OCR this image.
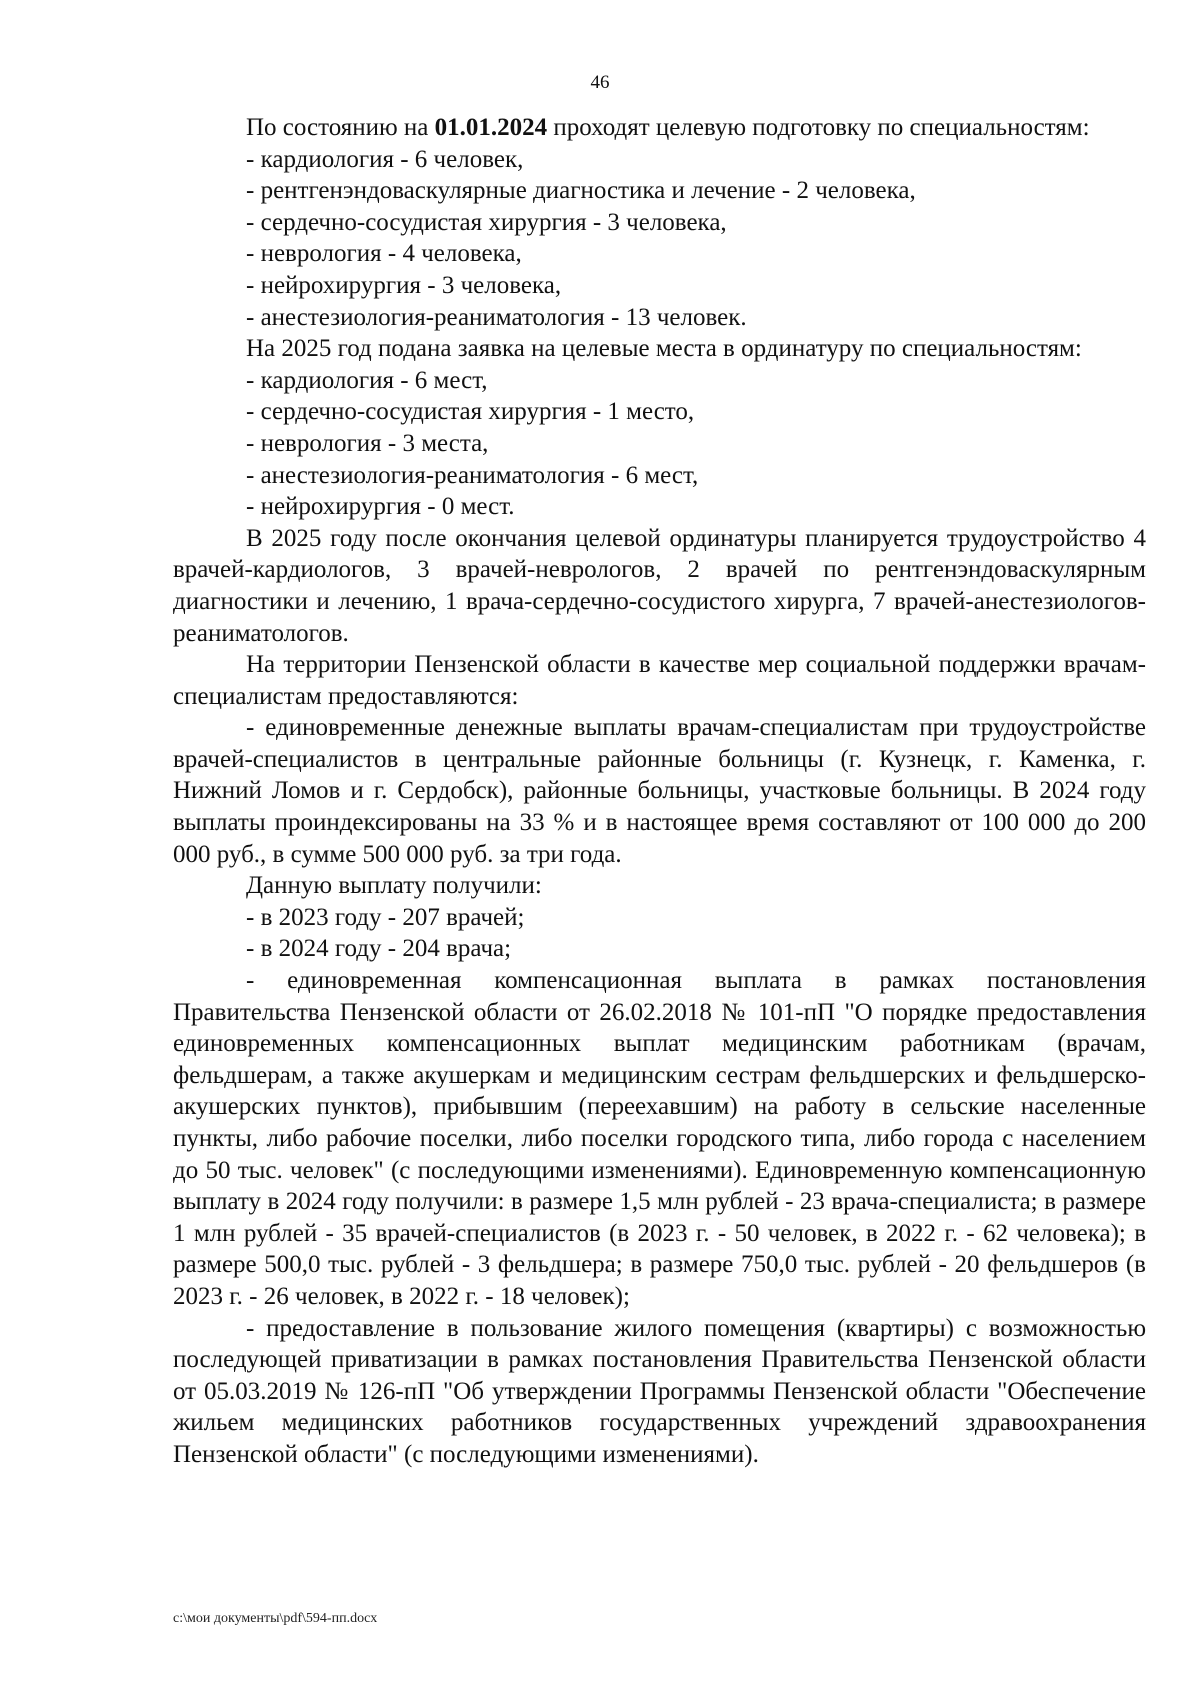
46

По состоянию на 01.01.2024 проходят целевую подготовку по специальностям:

- кардиология - 6 человек,

- рентгенэндоваскулярные диагностика и лечение - 2 человека,

- сердечно-сосудистая хирургия - 3 человека,

- неврология - 4 человека,

- нейрохирургия - 3 человека,

- анестезиология-реаниматология - 13 человек.

На 2025 год подана заявка на целевые места в ординатуру по специальностям:

- кардиология - 6 мест,

- сердечно-сосудистая хирургия - 1 место,

- неврология - 3 места,

- анестезиология-реаниматология - 6 мест,

- нейрохирургия - 0 мест.

В 2025 году после окончания целевой ординатуры планируется трудоустройство 4 врачей-кардиологов, 3 врачей-неврологов, 2 врачей по рентгенэндоваскулярным диагностики и лечению, 1 врача-сердечно-сосудистого хирурга, 7 врачей-анестезиологов-реаниматологов.

На территории Пензенской области в качестве мер социальной поддержки врачам-специалистам предоставляются:

- единовременные денежные выплаты врачам-специалистам при трудоустройстве врачей-специалистов в центральные районные больницы (г. Кузнецк, г. Каменка, г. Нижний Ломов и г. Сердобск), районные больницы, участковые больницы. В 2024 году выплаты проиндексированы на 33 % и в настоящее время составляют от 100 000 до 200 000 руб., в сумме 500 000 руб. за три года.

Данную выплату получили:

- в 2023 году - 207 врачей;

- в 2024 году - 204 врача;

- единовременная компенсационная выплата в рамках постановления Правительства Пензенской области от 26.02.2018 № 101-пП "О порядке предоставления единовременных компенсационных выплат медицинским работникам (врачам, фельдшерам, а также акушеркам и медицинским сестрам фельдшерских и фельдшерско-акушерских пунктов), прибывшим (переехавшим) на работу в сельские населенные пункты, либо рабочие поселки, либо поселки городского типа, либо города с населением до 50 тыс. человек" (с последующими изменениями). Единовременную компенсационную выплату в 2024 году получили: в размере 1,5 млн рублей - 23 врача-специалиста; в размере 1 млн рублей - 35 врачей-специалистов (в 2023 г. - 50 человек, в 2022 г. - 62 человека); в размере 500,0 тыс. рублей - 3 фельдшера; в размере 750,0 тыс. рублей - 20 фельдшеров (в 2023 г. - 26 человек, в 2022 г. - 18 человек);

- предоставление в пользование жилого помещения (квартиры) с возможностью последующей приватизации в рамках постановления Правительства Пензенской области от 05.03.2019 № 126-пП "Об утверждении Программы Пензенской области "Обеспечение жильем медицинских работников государственных учреждений здравоохранения Пензенской области" (с последующими изменениями).

c:\мои документы\pdf\594-пп.docx
